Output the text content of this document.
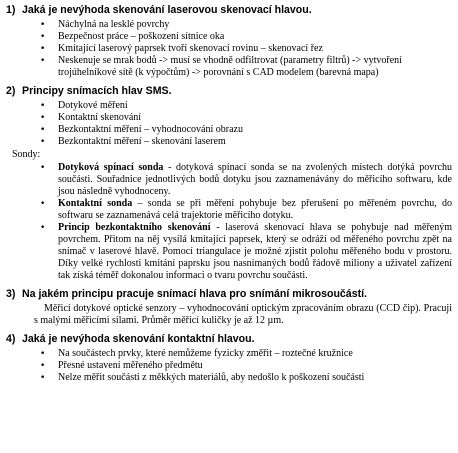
1) Jaká je nevýhoda skenování laserovou skenovací hlavou.
• Náchylná na lesklé povrchy
• Bezpečnost práce – poškození sítnice oka
• Kmitající laserový paprsek tvoří skenovací rovinu – skenovací řez
• Neskenuje se mrak bodů -> musí se vhodně odfiltrovat (parametry filtrů) -> vytvoření trojúhelníkové sítě (k výpočtům) -> porovnání s CAD modelem (barevná mapa)
2) Principy snímacích hlav SMS.
• Dotykové měření
• Kontaktní skenování
• Bezkontaktní měření – vyhodnocování obrazu
• Bezkontaktní měření – skenování laserem
Sondy:
• Dotyková spínací sonda - dotyková spínací sonda se na zvolených místech dotýká povrchu součásti. Souřadnice jednotlivých bodů dotyku jsou zaznamenávány do měřicího softwaru, kde jsou následně vyhodnoceny.
• Kontaktní sonda – sonda se při měření pohybuje bez přerušení po měřeném povrchu, do softwaru se zaznamenává celá trajektorie měřicího dotyku.
• Princip bezkontaktního skenování - laserová skenovací hlava se pohybuje nad měřeným povrchem. Přitom na něj vysílá kmitající paprsek, který se odráží od měřeného povrchu zpět na snímač v laserové hlavě. Pomocí triangulace je možné zjistit polohu měřeného bodu v prostoru. Díky velké rychlosti kmitání paprsku jsou nasnímaných bodů řádově miliony a uživatel zařízení tak získá téměř dokonalou informaci o tvaru povrchu součásti.
3) Na jakém principu pracuje snímací hlava pro snímání mikrosoučástí.

Měřicí dotykové optické senzory – vyhodnocování optickým zpracováním obrazu (CCD čip). Pracuji s malými měřicími silami. Průměr měřicí kuličky je až 12 µm.

4) Jaká je nevýhoda skenování kontaktní hlavou.
• Na součástech prvky, které nemůžeme fyzicky změřit – roztečné kružnice
• Přesné ustavení měřeného předmětu
• Nelze měřit součásti z měkkých materiálů, aby nedošlo k poškození součásti
